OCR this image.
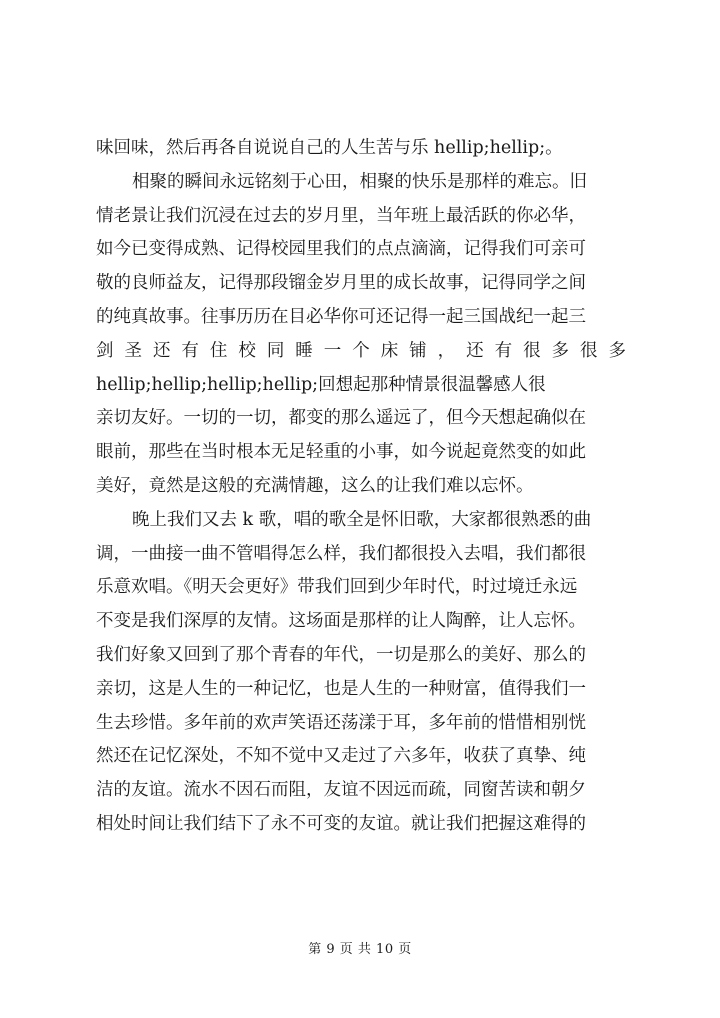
味回味，然后再各自说说自己的人生苦与乐 hellip;hellip;。
相聚的瞬间永远铭刻于心田，相聚的快乐是那样的难忘。旧
情老景让我们沉浸在过去的岁月里，当年班上最活跃的你必华，
如今已变得成熟、记得校园里我们的点点滴滴，记得我们可亲可
敬的良师益友，记得那段镏金岁月里的成长故事，记得同学之间
的纯真故事。往事历历在目必华你可还记得一起三国战纪一起三
剑 圣 还 有 住 校 同 睡 一 个 床 铺 ， 还 有 很 多 很 多
hellip;hellip;hellip;hellip;回想起那种情景很温馨感人很
亲切友好。一切的一切，都变的那么遥远了，但今天想起确似在
眼前，那些在当时根本无足轻重的小事，如今说起竟然变的如此
美好，竟然是这般的充满情趣，这么的让我们难以忘怀。
晚上我们又去 k 歌，唱的歌全是怀旧歌，大家都很熟悉的曲
调，一曲接一曲不管唱得怎么样，我们都很投入去唱，我们都很
乐意欢唱。《明天会更好》带我们回到少年时代，时过境迁永远
不变是我们深厚的友情。这场面是那样的让人陶醉，让人忘怀。
我们好象又回到了那个青春的年代，一切是那么的美好、那么的
亲切，这是人生的一种记忆，也是人生的一种财富，值得我们一
生去珍惜。多年前的欢声笑语还荡漾于耳，多年前的惜惜相别恍
然还在记忆深处，不知不觉中又走过了六多年，收获了真挚、纯
洁的友谊。流水不因石而阻，友谊不因远而疏，同窗苦读和朝夕
相处时间让我们结下了永不可变的友谊。就让我们把握这难得的
第 9 页 共 10 页
